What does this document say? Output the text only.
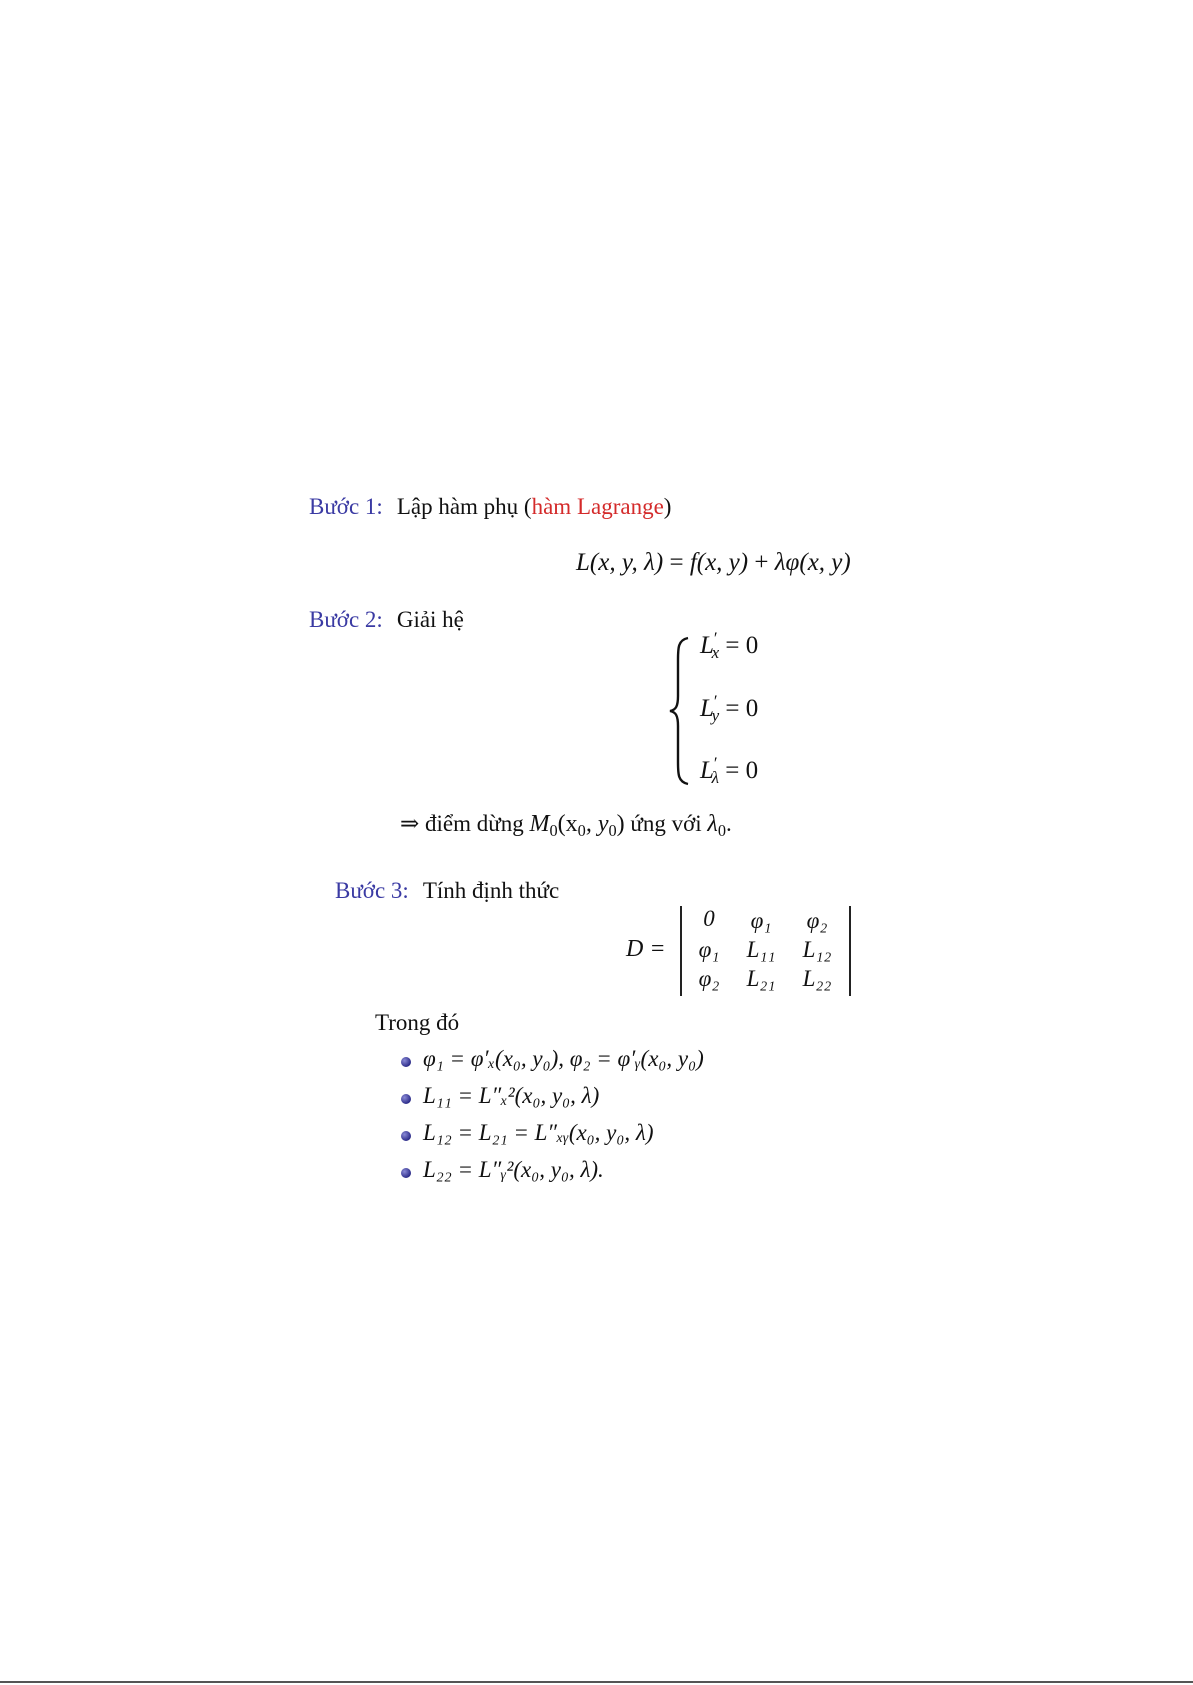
Bước 1: Lập hàm phụ (hàm Lagrange)
L(x, y, λ) = f(x, y) + λφ(x, y)
Bước 2: Giải hệ
$L'_x = 0$
$L'_y = 0$
$L'_\lambda = 0$
⇒ điểm dừng $M_0(x_0$, $y_0$) ứng với $\lambda_0$.
Bước 3: Tính định thức
D =
0	φ₁	φ₂
φ₁	L₁₁	L₁₂
φ₂	L₂₁	L₂₂
Trong đó
φ₁ = φ′ₓ(x₀, y₀), φ₂ = φ′ᵧ(x₀, y₀)
L₁₁ = L″ₓ²(x₀, y₀, λ)
L₁₂ = L₂₁ = L″ₓᵧ(x₀, y₀, λ)
L₂₂ = L″ᵧ²(x₀, y₀, λ).
